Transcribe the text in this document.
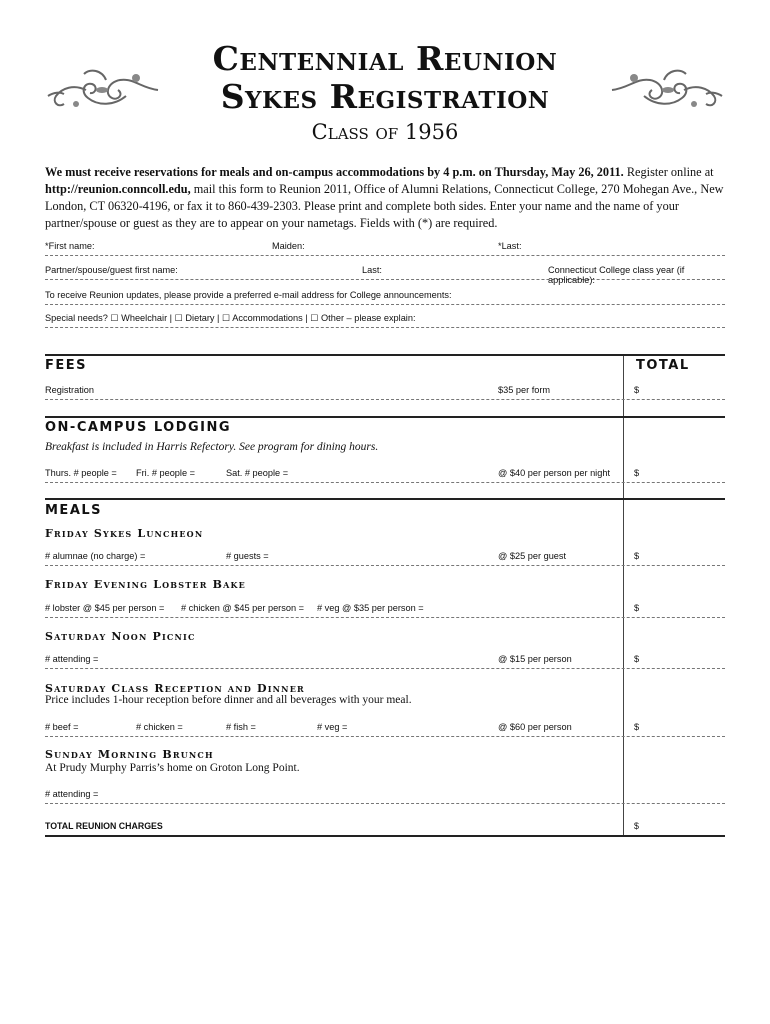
Centennial Reunion
Sykes Registration
Class of 1956
We must receive reservations for meals and on-campus accommodations by 4 p.m. on Thursday, May 26, 2011. Register online at http://reunion.conncoll.edu, mail this form to Reunion 2011, Office of Alumni Relations, Connecticut College, 270 Mohegan Ave., New London, CT 06320-4196, or fax it to 860-439-2303. Please print and complete both sides. Enter your name and the name of your partner/spouse or guest as they are to appear on your nametags. Fields with (*) are required.
*First name:	Maiden:	*Last:
Partner/spouse/guest first name:	Last:	Connecticut College class year (if applicable):
To receive Reunion updates, please provide a preferred e-mail address for College announcements:
Special needs? ☐ Wheelchair | ☐ Dietary | ☐ Accommodations | ☐ Other – please explain:
FEES	TOTAL
Registration	$35 per form	$
ON-CAMPUS LODGING
Breakfast is included in Harris Refectory. See program for dining hours.
Thurs. # people = Fri. # people =	Sat. # people =	@ $40 per person per night	$
MEALS
Friday Sykes Luncheon
# alumnae (no charge) =	# guests =	@ $25 per guest	$
Friday Evening Lobster Bake
# lobster @ $45 per person = # chicken @ $45 per person = # veg @ $35 per person =	$
Saturday Noon Picnic
# attending =	@ $15 per person	$
Saturday Class Reception and Dinner
Price includes 1-hour reception before dinner and all beverages with your meal.
# beef =	# chicken =	# fish =	# veg =	@ $60 per person	$
Sunday Morning Brunch
At Prudy Murphy Parris’s home on Groton Long Point.
# attending =
TOTAL REUNION CHARGES	$
